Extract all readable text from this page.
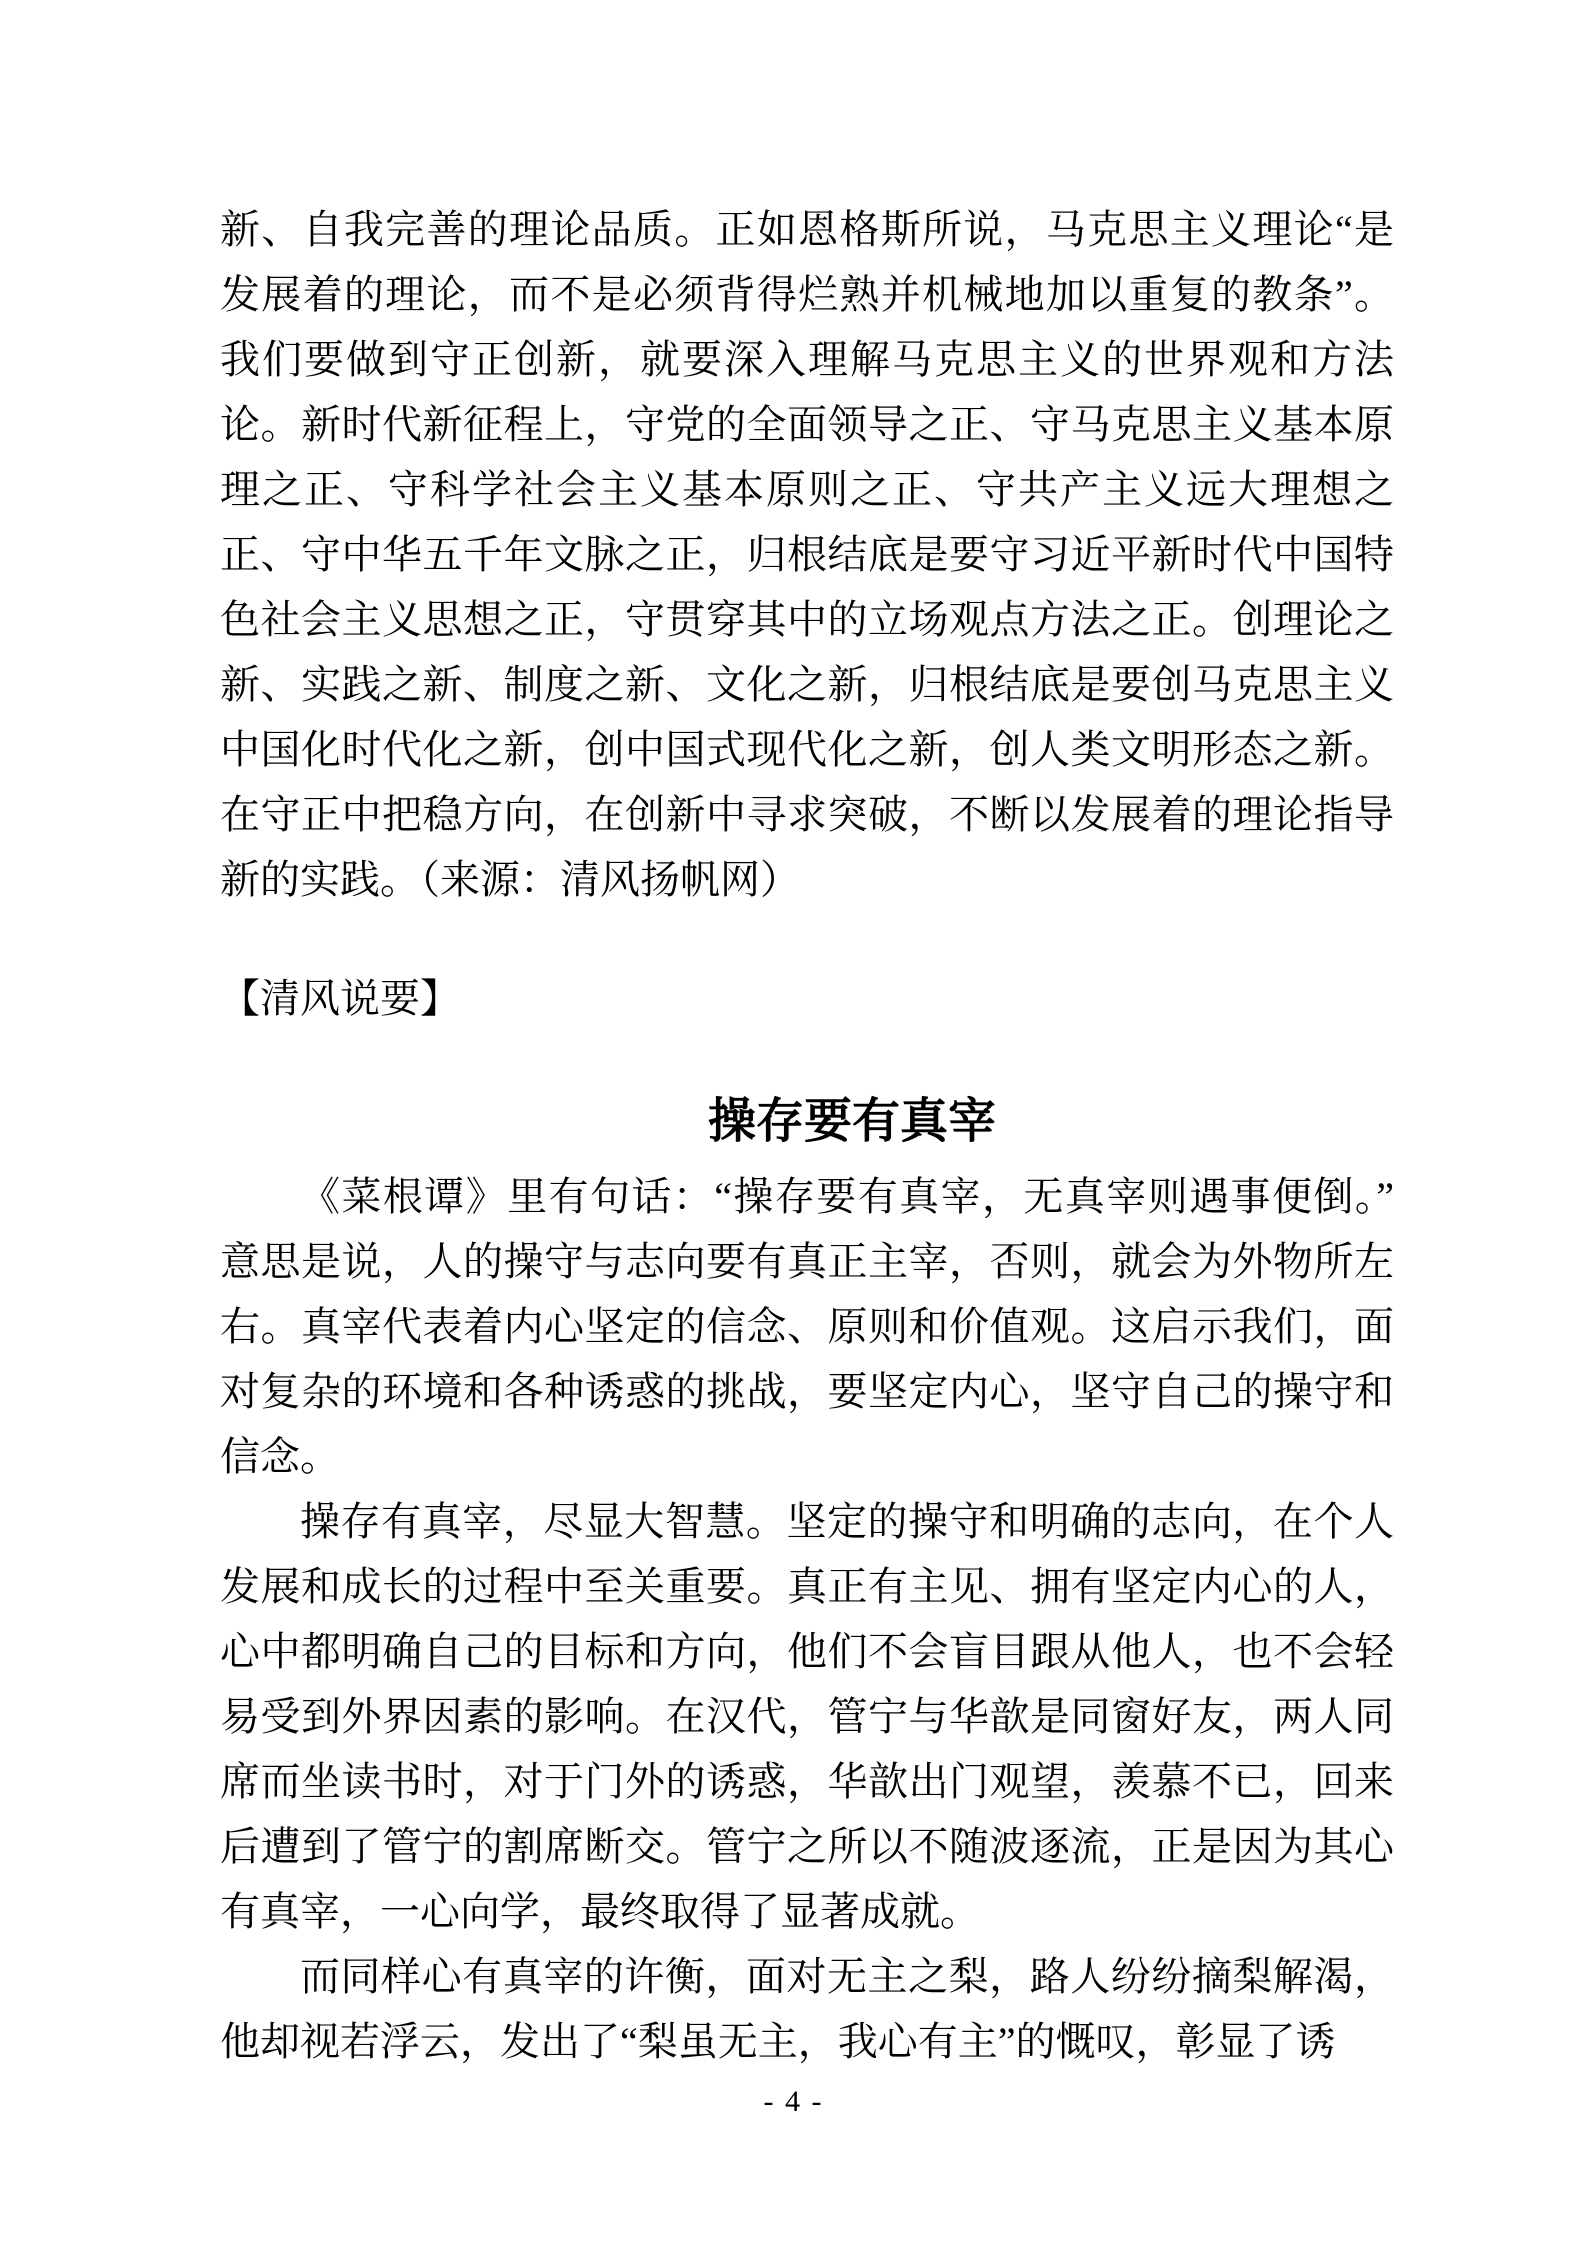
新、自我完善的理论品质。正如恩格斯所说，马克思主义理论“是发展着的理论，而不是必须背得烂熟并机械地加以重复的教条”。我们要做到守正创新，就要深入理解马克思主义的世界观和方法论。新时代新征程上，守党的全面领导之正、守马克思主义基本原理之正、守科学社会主义基本原则之正、守共产主义远大理想之正、守中华五千年文脉之正，归根结底是要守习近平新时代中国特色社会主义思想之正，守贯穿其中的立场观点方法之正。创理论之新、实践之新、制度之新、文化之新，归根结底是要创马克思主义中国化时代化之新，创中国式现代化之新，创人类文明形态之新。在守正中把稳方向，在创新中寻求突破，不断以发展着的理论指导新的实践。（来源：清风扬帆网）

【清风说要】

操存要有真宰

《菜根谭》里有句话：“操存要有真宰，无真宰则遇事便倒。”意思是说，人的操守与志向要有真正主宰，否则，就会为外物所左右。真宰代表着内心坚定的信念、原则和价值观。这启示我们，面对复杂的环境和各种诱惑的挑战，要坚定内心，坚守自己的操守和信念。

操存有真宰，尽显大智慧。坚定的操守和明确的志向，在个人发展和成长的过程中至关重要。真正有主见、拥有坚定内心的人，心中都明确自己的目标和方向，他们不会盲目跟从他人，也不会轻易受到外界因素的影响。在汉代，管宁与华歆是同窗好友，两人同席而坐读书时，对于门外的诱惑，华歆出门观望，羡慕不已，回来后遭到了管宁的割席断交。管宁之所以不随波逐流，正是因为其心有真宰，一心向学，最终取得了显著成就。

而同样心有真宰的许衡，面对无主之梨，路人纷纷摘梨解渴，他却视若浮云，发出了“梨虽无主，我心有主”的慨叹，彰显了诱

- 4 -
